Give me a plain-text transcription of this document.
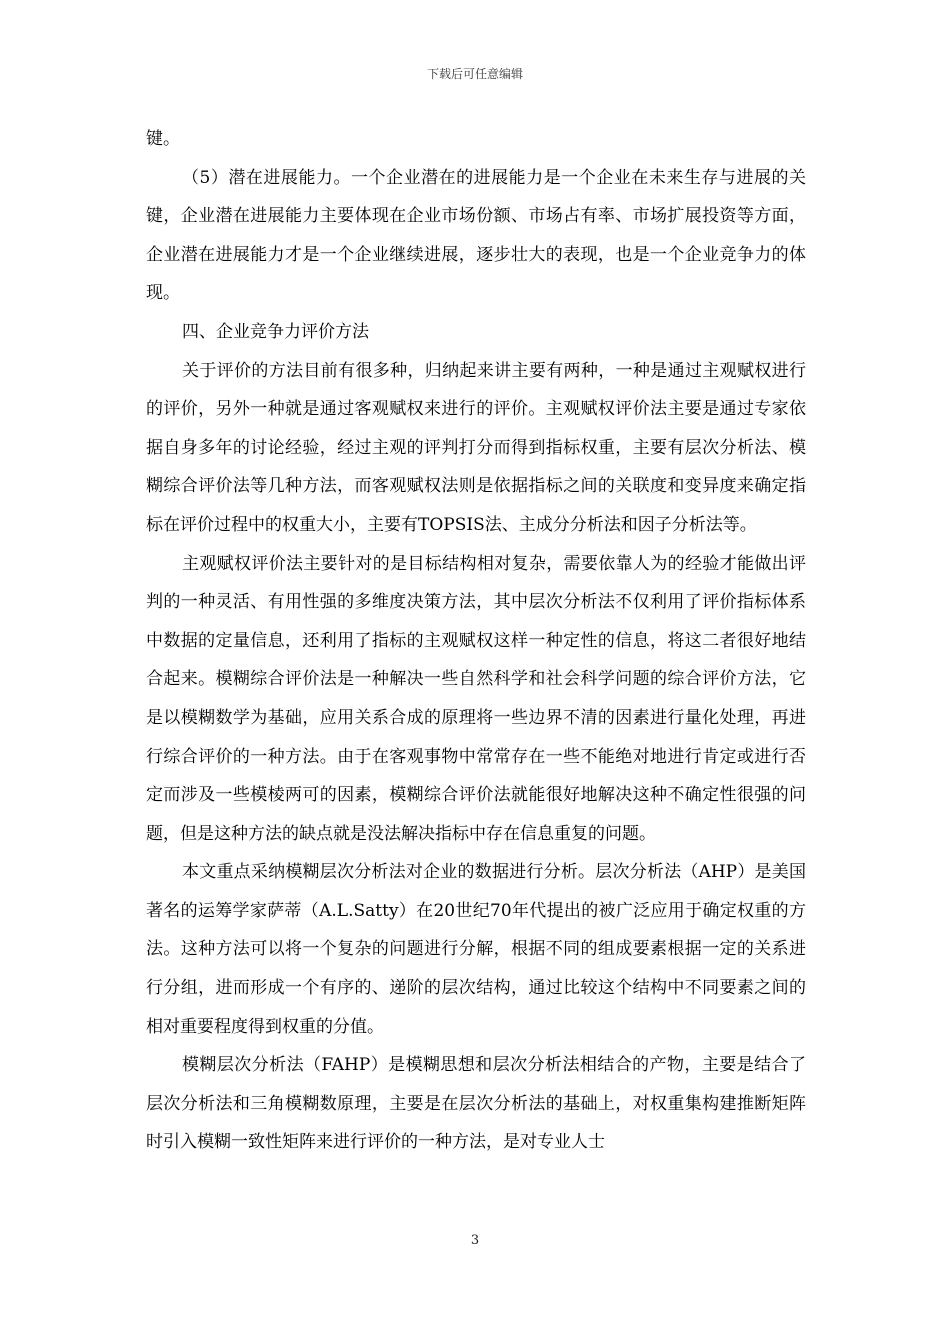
下载后可任意编辑

键。

（5）潜在进展能力。一个企业潜在的进展能力是一个企业在未来生存与进展的关键，企业潜在进展能力主要体现在企业市场份额、市场占有率、市场扩展投资等方面，企业潜在进展能力才是一个企业继续进展，逐步壮大的表现，也是一个企业竞争力的体现。

四、企业竞争力评价方法

关于评价的方法目前有很多种，归纳起来讲主要有两种，一种是通过主观赋权进行的评价，另外一种就是通过客观赋权来进行的评价。主观赋权评价法主要是通过专家依据自身多年的讨论经验，经过主观的评判打分而得到指标权重，主要有层次分析法、模糊综合评价法等几种方法，而客观赋权法则是依据指标之间的关联度和变异度来确定指标在评价过程中的权重大小，主要有TOPSIS法、主成分分析法和因子分析法等。

主观赋权评价法主要针对的是目标结构相对复杂，需要依靠人为的经验才能做出评判的一种灵活、有用性强的多维度决策方法，其中层次分析法不仅利用了评价指标体系中数据的定量信息，还利用了指标的主观赋权这样一种定性的信息，将这二者很好地结合起来。模糊综合评价法是一种解决一些自然科学和社会科学问题的综合评价方法，它是以模糊数学为基础，应用关系合成的原理将一些边界不清的因素进行量化处理，再进行综合评价的一种方法。由于在客观事物中常常存在一些不能绝对地进行肯定或进行否定而涉及一些模棱两可的因素，模糊综合评价法就能很好地解决这种不确定性很强的问题，但是这种方法的缺点就是没法解决指标中存在信息重复的问题。

本文重点采纳模糊层次分析法对企业的数据进行分析。层次分析法（AHP）是美国著名的运筹学家萨蒂（A.L.Satty）在20世纪70年代提出的被广泛应用于确定权重的方法。这种方法可以将一个复杂的问题进行分解，根据不同的组成要素根据一定的关系进行分组，进而形成一个有序的、递阶的层次结构，通过比较这个结构中不同要素之间的相对重要程度得到权重的分值。

模糊层次分析法（FAHP）是模糊思想和层次分析法相结合的产物，主要是结合了层次分析法和三角模糊数原理，主要是在层次分析法的基础上，对权重集构建推断矩阵时引入模糊一致性矩阵来进行评价的一种方法，是对专业人士

3
